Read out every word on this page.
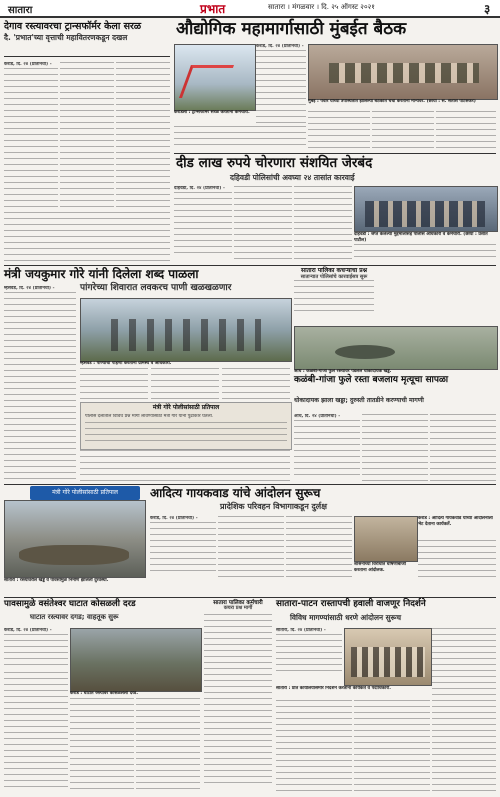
सातारा	प्रभात	सातारा । मंगळवार । दि. २५ ऑगस्ट २०२१	३
देगाव रस्त्यावरचा ट्रान्सफॉर्मर केला सरळ
दै. 'प्रभात'च्या वृत्ताची महावितरणकडून दखल
कराड, दि. २४ (प्रतिनिधी) -
औद्योगिक महामार्गासाठी मुंबईत बैठक
कराड, दि. २४ (प्रतिनिधी) -
मुंबई : पवार यांच्या उपस्थितीत झालेल्या बैठकीत चर्चा करताना मान्यवर. (छाया : सं. सतीश पाटसकर)
कराडला : ट्रान्सफॉर्मर सरळ करताना कर्मचारी.
दीड लाख रुपये चोरणारा संशयित जेरबंद
दहिवडी पोलिसांची अवघ्या २४ तासांत कारवाई
दहिवडी, दि. २४ (प्रतिनिधी) -
दहिवडी : जप्त केलेल्या मुद्देमालासह पोलीस अधिकारी व कर्मचारी. (छाया : प्रशांत पाटील)
मंत्री जयकुमार गोरे यांनी दिलेला शब्द पाळला
पांगरेच्या शिवारात लवकरच पाणी खळखळणार
म्हसवड, दि. २४ (प्रतिनिधी) -
म्हसवड : पाण्याची पाहणी करताना ग्रामस्थ व अधिकारी.
मंत्री गोरे पोलीसांसाठी प्रतिपाल
पोलीस दलातील विविध प्रश्न मार्गी लावण्यासाठी मंत्री गोरे यांनी पुढाकार घेतला.
सातारा पालिका कचऱ्याचा प्रश्न
साताऱ्यात पोलिसांचे कारवाईसत्र सुरू
औंध : कळंबी-गांजा फुले रस्त्यावर पडलेले धोकादायक खड्डे.
कळंबी-गांजा फुले रस्ता बजलाय मृत्यूचा सापळा
धोकादायक झाला खड्डा; दुरुस्ती तातडीने करण्याची मागणी
औंध, दि. २४ (प्रतिनिधी) -
मंत्री गोरे पोलीसांसाठी प्रतिपाल	आदित्य गायकवाड यांचे आंदोलन सुरूच
प्रादेशिक परिवहन विभागाकडून दुर्लक्ष
सातारा : रस्त्यावरील खड्डे व पावसामुळे निर्माण झालेली दुरवस्था.
कराड, दि. २४ (प्रतिनिधी) -	कराड : आदित्य गायकवाड यांच्या आंदोलनाला भेट देताना कार्यकर्ते.
शासनाच्या विरोधात घोषणाबाजी करताना आंदोलक.
पावसामुळे वसंतेश्वर घाटात कोसळली दरड
घाटात रस्त्यावर दगड; वाहतूक सुरू
कराड, दि. २४ (प्रतिनिधी) -
कराड : घाटात रस्त्यावर कोसळलेली दरड.
सातारा पालिका कर्मचारी
कचरा प्रश्न मार्गी	सातारा-पाटन रास्तापची हवाली वाजणूर निदर्शने
विविध मागण्यांसाठी धरणे आंदोलन सुरूच
सातारा, दि. २४ (प्रतिनिधी) -
सातारा : प्रांत कार्यालयासमोर निदर्शने करताना कार्यकर्ते व पदाधिकारी.
